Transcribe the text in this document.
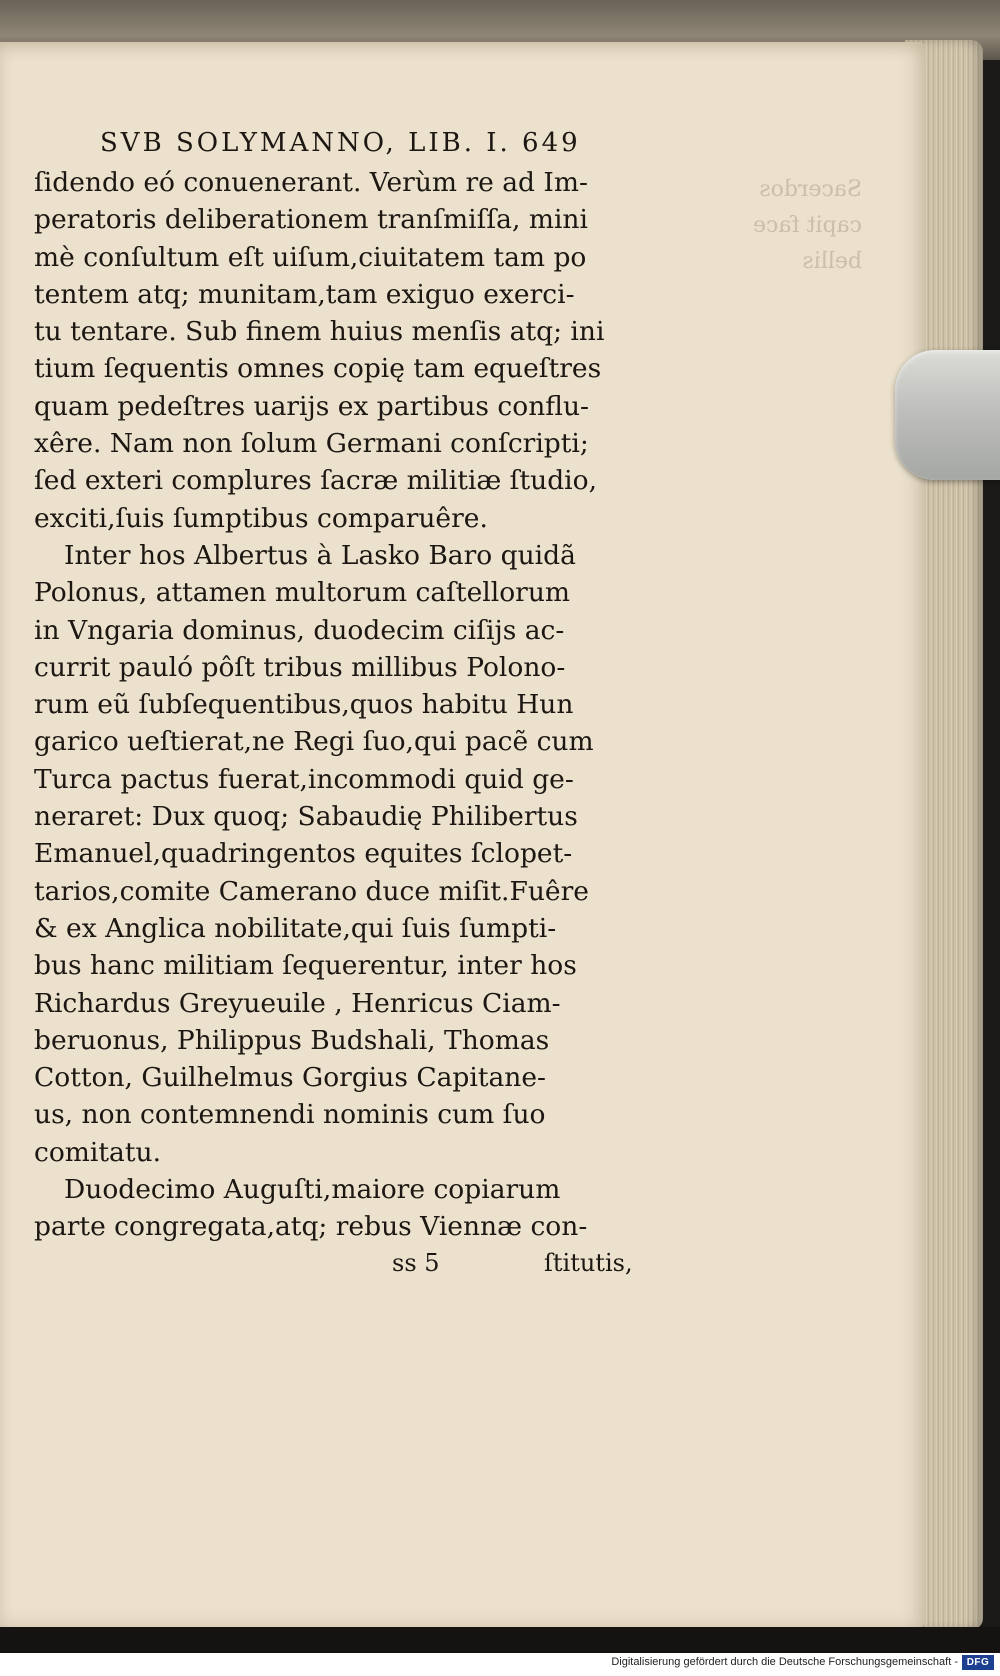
Sacerdos
capit face
bellis
SVB SOLYMANNO, LIB. I. 649
ſidendo eó conuenerant. Verùm re ad Im-
peratoris deliberationem tranſmiſſa, mini
mè conſultum eſt uiſum,ciuitatem tam po
tentem atq; munitam,tam exiguo exerci-
tu tentare. Sub finem huius menſis atq; ini
tium ſequentis omnes copię tam equeſtres
quam pedeſtres uarijs ex partibus conflu-
xêre. Nam non ſolum Germani conſcripti;
ſed exteri complures ſacræ militiæ ſtudio,
exciti,ſuis ſumptibus comparuêre.
Inter hos Albertus à Lasko Baro quidã
Polonus, attamen multorum caſtellorum
in Vngaria dominus, duodecim ciſijs ac-
currit pauló pôſt tribus millibus Polono-
rum eũ ſubſequentibus,quos habitu Hun
garico ueſtierat,ne Regi ſuo,qui pacẽ cum
Turca pactus fuerat,incommodi quid ge-
neraret: Dux quoq; Sabaudię Philibertus
Emanuel,quadringentos equites ſclopet-
tarios,comite Camerano duce miſit.Fuêre
& ex Anglica nobilitate,qui ſuis ſumpti-
bus hanc militiam ſequerentur, inter hos
Richardus Greyueuile , Henricus Ciam-
beruonus, Philippus Budshali, Thomas
Cotton, Guilhelmus Gorgius Capitane-
us, non contemnendi nominis cum ſuo
comitatu.
Duodecimo Auguſti,maiore copiarum
parte congregata,atq; rebus Viennæ con-
ss 5	ſtitutis,
Digitalisierung gefördert durch die Deutsche Forschungsgemeinschaft - DFG
